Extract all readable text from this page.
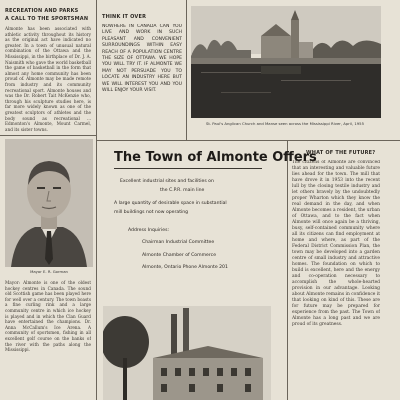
RECREATION AND PARKS
A CALL TO THE SPORTSMAN
Almonte has been associated with athletic activity throughout its history as the original act have indicated no greater. In a town of unusual natural combination of the Ottawa and the Mississippi, in the birthplace of Dr. J. A. Naismith who gave the world basketball the game of basketball in the form that almost any home community has been proud of. Almonte may be made remote from industry and its community recreational sport. Almonte houses and was the Dr. Robert Tait McKenzie who, through his sculpture studies here, is far more widely known as one of the greatest sculptors of athletes and the body sound as recreational ... Edmonton's Almonte, Mount Carmel, and its sister towns.
Mayor E. R. Gorman
Mayor: Almonte is one of the oldest hockey centres in Canada. The sound old Scottish game has been played here for well over a century. The town boasts a fine curling rink and a large community centre in which ice hockey is played and in which the Clan Guard have entertained the champions. Dr. Anna McCallum's Ice Arena. A community of sportsmen, fishing in all excellent golf course on the banks of the river with the paths along the Mississippi.
THINK IT OVER
NOWHERE IN CANADA CAN YOU LIVE AND WORK IN SUCH PLEASANT AND CONVENIENT SURROUNDINGS WITHIN EASY REACH OF A POPULATION CENTRE THE SIZE OF OTTAWA. WE HOPE YOU WILL TRY IT. IF ALMONTE WE MAY NOT PERSUADE YOU TO LOCATE AN INDUSTRY HERE BUT WE WILL INTEREST YOU AND YOU WILL ENJOY YOUR VISIT.
St. Paul's Anglican Church and Manse seen across the Mississippi River, April, 1955
The Town of Almonte Offers
Excellent industrial sites and facilities on
the C.P.R. main line
A large quantity of desirable space in substantial
mill buildings not now operating
Address Inquiries:
Chairman Industrial Committee
Almonte Chamber of Commerce
Almonte, Ontario Phone Almonte 201
WHAT OF THE FUTURE?
The citizens of Almonte are convinced that an interesting and valuable future lies ahead for the town. The mill that have drove it in 1953 into the recent lull by the closing textile industry and let others bravely by the undoubtedly proper Wharton which they know the real demand in the day, and when Almonte becomes a resident, the urban of Ottawa, and to the fact when Almonte will once again be a thriving, busy, self-contained community where all its citizens can find employment at home and where, as part of the Federal District Commission Plan, the town may be developed into a garden centre of small industry and attractive homes. The foundation on which to build is excellent, here and the energy and co-operation necessary to accomplish the whole-hearted provision in our advantage. Looking about Almonte remains in confidence it that looking on kind of this. These are for future may be prepared for experience from the past. The Town of Almonte has a long past and we are proud of its greatness.
